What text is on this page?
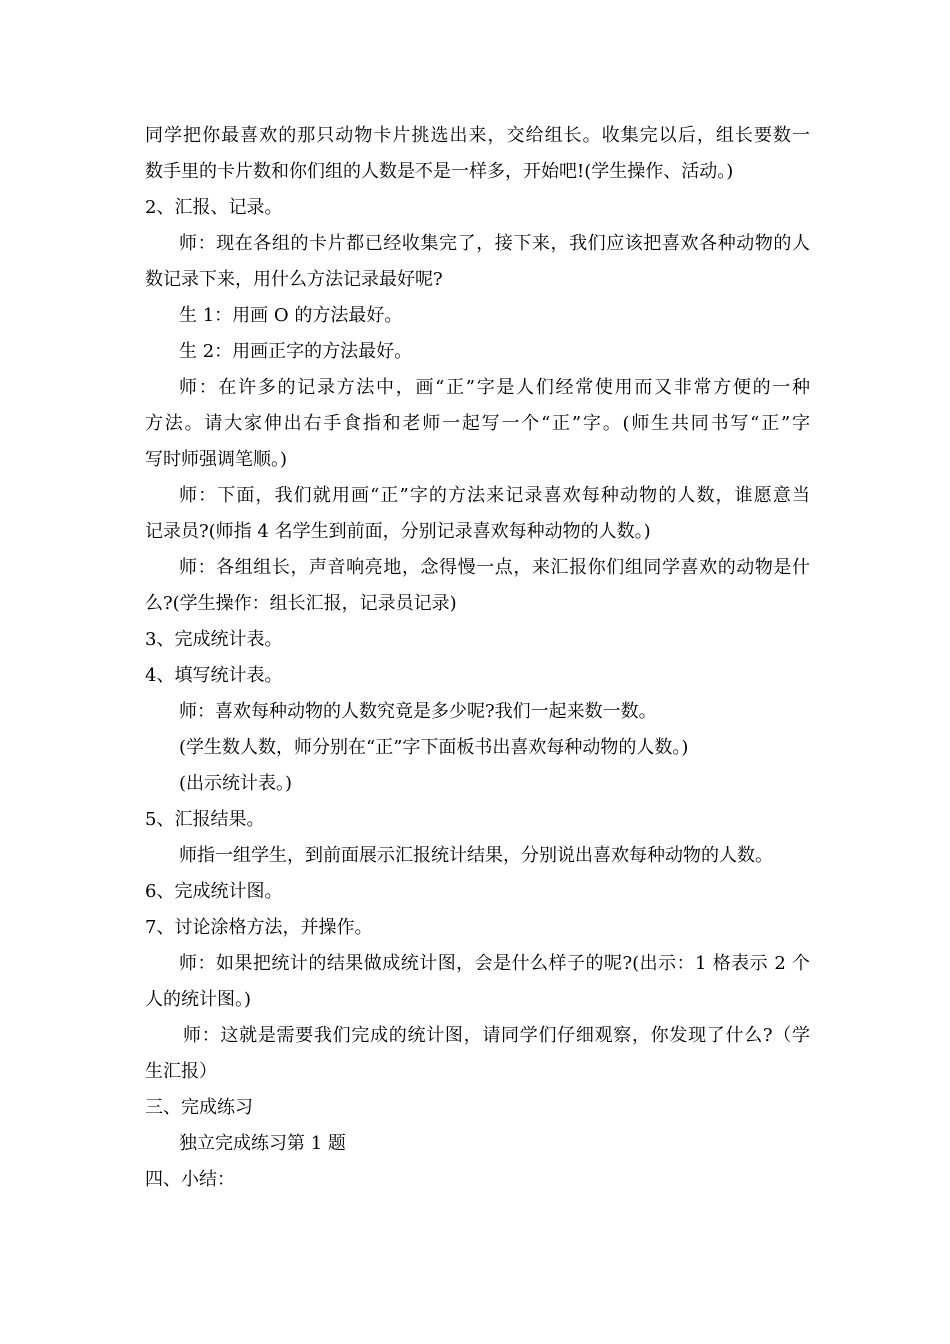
同学把你最喜欢的那只动物卡片挑选出来，交给组长。收集完以后，组长要数一
数手里的卡片数和你们组的人数是不是一样多，开始吧!(学生操作、活动。)
2、汇报、记录。
师：现在各组的卡片都已经收集完了，接下来，我们应该把喜欢各种动物的人
数记录下来，用什么方法记录最好呢?
生 1：用画 O 的方法最好。
生 2：用画正字的方法最好。
师：在许多的记录方法中，画“正”字是人们经常使用而又非常方便的一种
方法。请大家伸出右手食指和老师一起写一个“正”字。(师生共同书写“正”字
写时师强调笔顺。)
师：下面，我们就用画“正”字的方法来记录喜欢每种动物的人数，谁愿意当
记录员?(师指 4 名学生到前面，分别记录喜欢每种动物的人数。)
师：各组组长，声音响亮地，念得慢一点，来汇报你们组同学喜欢的动物是什
么?(学生操作：组长汇报，记录员记录)
3、完成统计表。
4、填写统计表。
师：喜欢每种动物的人数究竟是多少呢?我们一起来数一数。
(学生数人数，师分别在“正”字下面板书出喜欢每种动物的人数。)
(出示统计表。)
5、汇报结果。
师指一组学生，到前面展示汇报统计结果，分别说出喜欢每种动物的人数。
6、完成统计图。
7、讨论涂格方法，并操作。
师：如果把统计的结果做成统计图，会是什么样子的呢?(出示：1 格表示 2 个
人的统计图。)
师：这就是需要我们完成的统计图，请同学们仔细观察，你发现了什么?（学
生汇报）
三、完成练习
独立完成练习第 1 题
四、小结：
